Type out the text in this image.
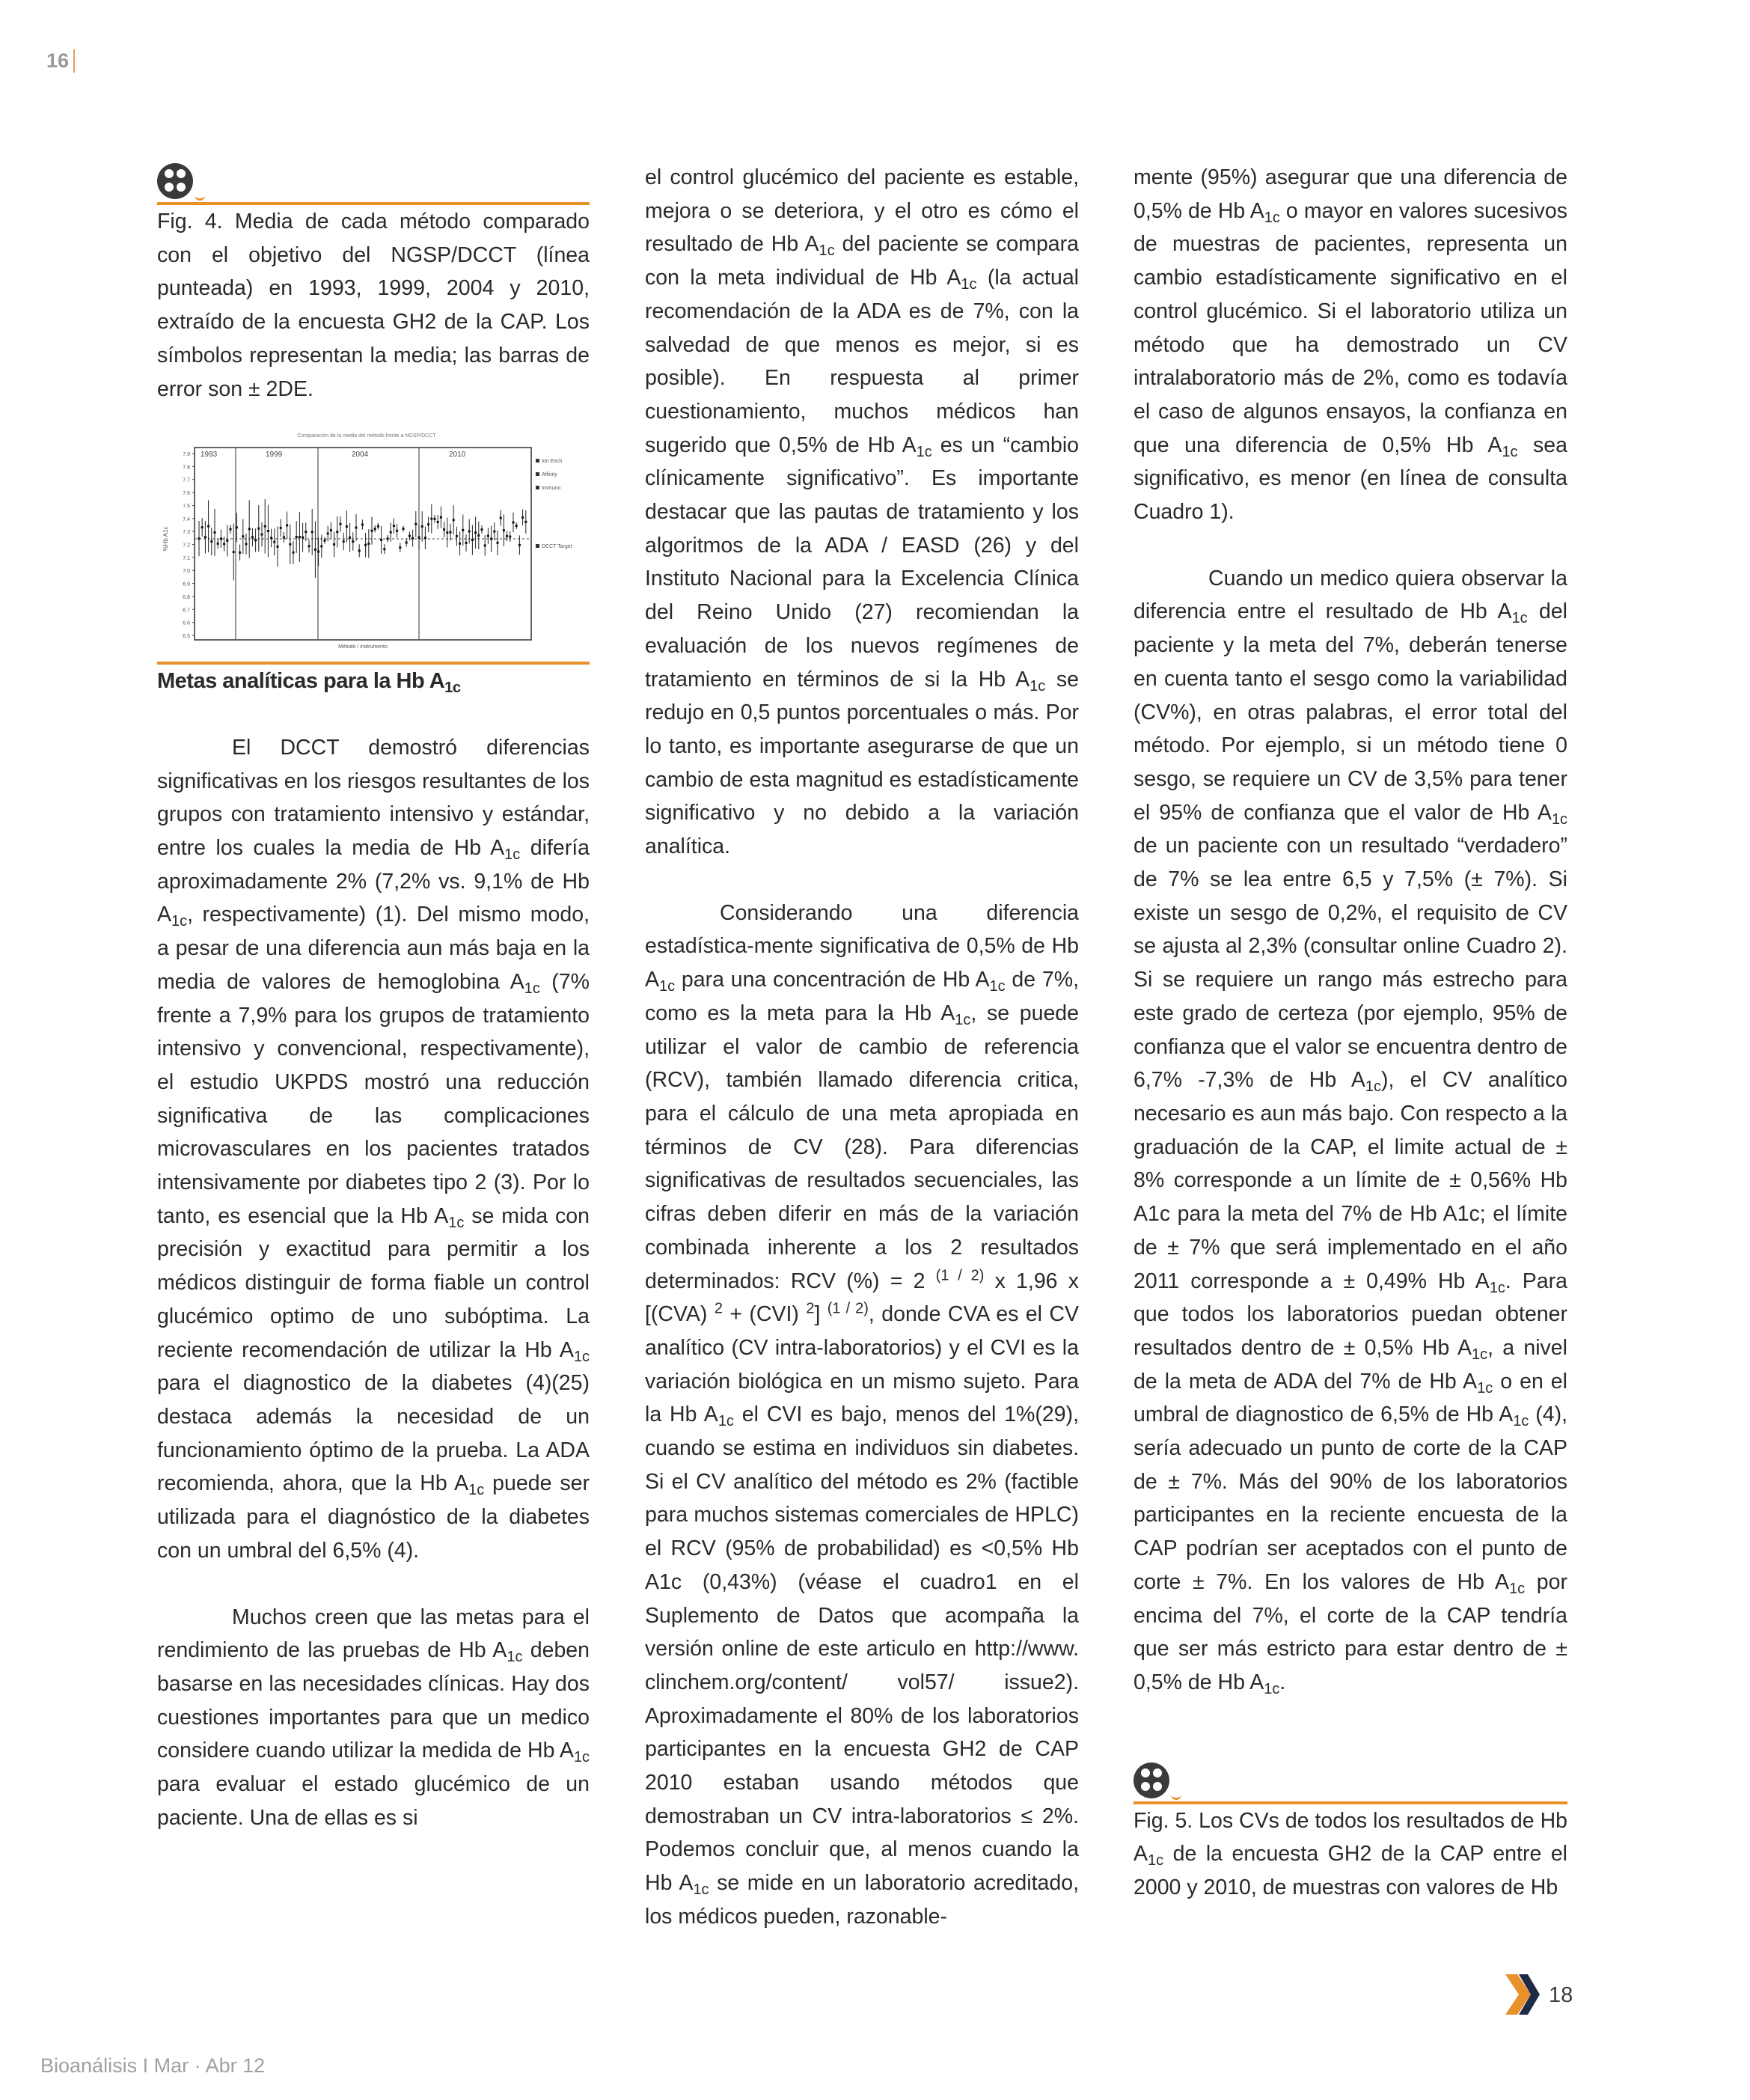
16

Fig. 4. Media de cada método comparado con el objetivo del NGSP/DCCT (línea punteada) en 1993, 1999, 2004 y 2010, extraído de la encuesta GH2 de la CAP. Los símbolos representan la media; las barras de error son ± 2DE.

Comparación de la media del método frente a NGSP/DCCT
1993	1999	2004	2010
7.9
7.8
7.7
7.6
7.5
7.4
7.3
7.2
7.1
7.0
6.9
6.8
6.7
6.6
6.5
%Hb A1c
Método / instrumento
Ion Exch
Affinity
Immuno
DCCT Target

Metas analíticas para la Hb $A_{1c}$

El DCCT demostró diferencias significativas en los riesgos resultantes de los grupos con tratamiento intensivo y estándar, entre los cuales la media de Hb $A_{1c}$ difería aproximadamente 2% (7,2% vs. 9,1% de Hb $A_{1c}$, respectivamente) (1). Del mismo modo, a pesar de una diferencia aun más baja en la media de valores de hemoglobina $A_{1c}$ (7% frente a 7,9% para los grupos de tratamiento intensivo y convencional, respectivamente), el estudio UKPDS mostró una reducción significativa de las complicaciones microvasculares en los pacientes tratados intensivamente por diabetes tipo 2 (3). Por lo tanto, es esencial que la Hb $A_{1c}$ se mida con precisión y exactitud para permitir a los médicos distinguir de forma fiable un control glucémico optimo de uno subóptima. La reciente recomendación de utilizar la Hb $A_{1c}$ para el diagnostico de la diabetes (4)(25) destaca además la necesidad de un funcionamiento óptimo de la prueba. La ADA recomienda, ahora, que la Hb $A_{1c}$ puede ser utilizada para el diagnóstico de la diabetes con un umbral del 6,5% (4).

Muchos creen que las metas para el rendimiento de las pruebas de Hb $A_{1c}$ deben basarse en las necesidades clínicas. Hay dos cuestiones importantes para que un medico considere cuando utilizar la medida de Hb $A_{1c}$ para evaluar el estado glucémico de un paciente. Una de ellas es si

el control glucémico del paciente es estable, mejora o se deteriora, y el otro es cómo el resultado de Hb $A_{1c}$ del paciente se compara con la meta individual de Hb $A_{1c}$ (la actual recomendación de la ADA es de 7%, con la salvedad de que menos es mejor, si es posible). En respuesta al primer cuestionamiento, muchos médicos han sugerido que 0,5% de Hb $A_{1c}$ es un “cambio clínicamente significativo”. Es importante destacar que las pautas de tratamiento y los algoritmos de la ADA / EASD (26) y del Instituto Nacional para la Excelencia Clínica del Reino Unido (27) recomiendan la evaluación de los nuevos regímenes de tratamiento en términos de si la Hb $A_{1c}$ se redujo en 0,5 puntos porcentuales o más. Por lo tanto, es importante asegurarse de que un cambio de esta magnitud es estadísticamente significativo y no debido a la variación analítica.

Considerando una diferencia estadística-mente significativa de 0,5% de Hb $A_{1c}$ para una concentración de Hb $A_{1c}$ de 7%, como es la meta para la Hb $A_{1c}$, se puede utilizar el valor de cambio de referencia (RCV), también llamado diferencia critica, para el cálculo de una meta apropiada en términos de CV (28). Para diferencias significativas de resultados secuenciales, las cifras deben diferir en más de la variación combinada inherente a los 2 resultados determinados: RCV (%) = 2 $^{(1 / 2)}$ x 1,96 x [(CVA) $^2$ + (CVI) $^2$] $^{(1 / 2)}$, donde CVA es el CV analítico (CV intra-laboratorios) y el CVI es la variación biológica en un mismo sujeto. Para la Hb $A_{1c}$ el CVI es bajo, menos del 1%(29), cuando se estima en individuos sin diabetes. Si el CV analítico del método es 2% (factible para muchos sistemas comerciales de HPLC) el RCV (95% de probabilidad) es <0,5% Hb A1c (0,43%) (véase el cuadro1 en el Suplemento de Datos que acompaña la versión online de este articulo en http://www. clinchem.org/content/ vol57/ issue2). Aproximadamente el 80% de los laboratorios participantes en la encuesta GH2 de CAP 2010 estaban usando métodos que demostraban un CV intra-laboratorios ≤ 2%. Podemos concluir que, al menos cuando la Hb $A_{1c}$ se mide en un laboratorio acreditado, los médicos pueden, razonable-

mente (95%) asegurar que una diferencia de 0,5% de Hb $A_{1c}$ o mayor en valores sucesivos de muestras de pacientes, representa un cambio estadísticamente significativo en el control glucémico. Si el laboratorio utiliza un método que ha demostrado un CV intralaboratorio más de 2%, como es todavía el caso de algunos ensayos, la confianza en que una diferencia de 0,5% Hb $A_{1c}$ sea significativo, es menor (en línea de consulta Cuadro 1).

Cuando un medico quiera observar la diferencia entre el resultado de Hb $A_{1c}$ del paciente y la meta del 7%, deberán tenerse en cuenta tanto el sesgo como la variabilidad (CV%), en otras palabras, el error total del método. Por ejemplo, si un método tiene 0 sesgo, se requiere un CV de 3,5% para tener el 95% de confianza que el valor de Hb $A_{1c}$ de un paciente con un resultado “verdadero” de 7% se lea entre 6,5 y 7,5% (± 7%). Si existe un sesgo de 0,2%, el requisito de CV se ajusta al 2,3% (consultar online Cuadro 2). Si se requiere un rango más estrecho para este grado de certeza (por ejemplo, 95% de confianza que el valor se encuentra dentro de 6,7% -7,3% de Hb $A_{1c}$), el CV analítico necesario es aun más bajo. Con respecto a la graduación de la CAP, el limite actual de ± 8% corresponde a un límite de ± 0,56% Hb A1c para la meta del 7% de Hb A1c; el límite de ± 7% que será implementado en el año 2011 corresponde a ± 0,49% Hb $A_{1c}$. Para que todos los laboratorios puedan obtener resultados dentro de ± 0,5% Hb $A_{1c}$, a nivel de la meta de ADA del 7% de Hb $A_{1c}$ o en el umbral de diagnostico de 6,5% de Hb $A_{1c}$ (4), sería adecuado un punto de corte de la CAP de ± 7%. Más del 90% de los laboratorios participantes en la reciente encuesta de la CAP podrían ser aceptados con el punto de corte ± 7%. En los valores de Hb $A_{1c}$ por encima del 7%, el corte de la CAP tendría que ser más estricto para estar dentro de ± 0,5% de Hb $A_{1c}$.

Fig. 5. Los CVs de todos los resultados de Hb $A_{1c}$ de la encuesta GH2 de la CAP entre el 2000 y 2010, de muestras con valores de Hb

18
Bioanálisis I Mar · Abr 12
